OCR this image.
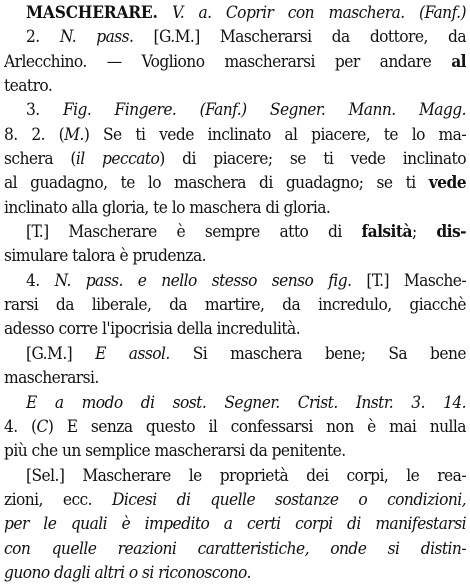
MASCHERARE. V. a. Coprir con maschera. (Fanf.)
2. N. pass. [G.M.] Mascherarsi da dottore, da
Arlecchino. — Vogliono mascherarsi per andare al
teatro.
3. Fig. Fingere. (Fanf.) Segner. Mann. Magg.
8. 2. (M.) Se ti vede inclinato al piacere, te lo ma-
schera (il peccato) di piacere; se ti vede inclinato
al guadagno, te lo maschera di guadagno; se ti vede
inclinato alla gloria, te lo maschera di gloria.
[T.] Mascherare è sempre atto di falsità; dis-
simulare talora è prudenza.
4. N. pass. e nello stesso senso fig. [T.] Masche-
rarsi da liberale, da martire, da incredulo, giacchè
adesso corre l'ipocrisia della incredulità.
[G.M.] E assol. Si maschera bene; Sa bene
mascherarsi.
E a modo di sost. Segner. Crist. Instr. 3. 14.
4. (C) E senza questo il confessarsi non è mai nulla
più che un semplice mascherarsi da penitente.
[Sel.] Mascherare le proprietà dei corpi, le rea-
zioni, ecc. Dicesi di quelle sostanze o condizioni,
per le quali è impedito a certi corpi di manifestarsi
con quelle reazioni caratteristiche, onde si distin-
guono dagli altri o si riconoscono.
